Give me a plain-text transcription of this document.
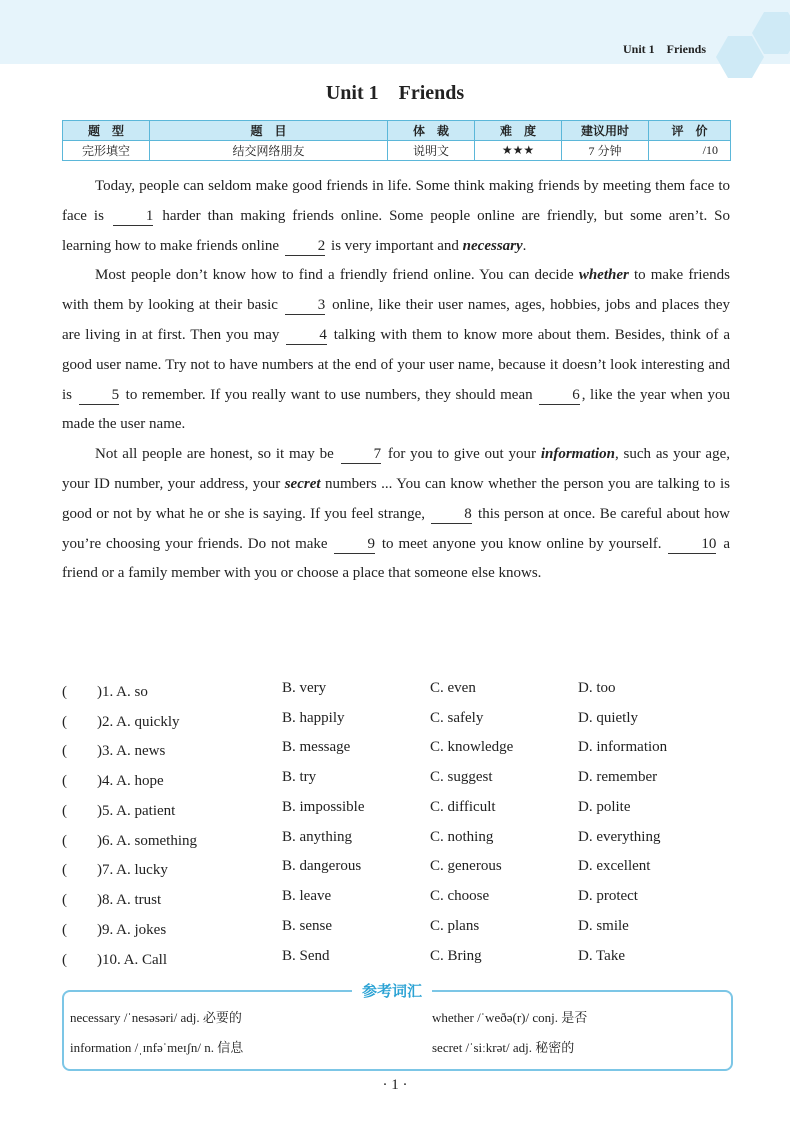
Unit 1    Friends
Unit 1    Friends
题　型	题　目	体　裁	难　度	建议用时	评　价
完形填空	结交网络朋友	说明文	★★★	7 分钟	/10

Today, people can seldom make good friends in life. Some think making friends by meeting them face to face is 1 harder than making friends online. Some people online are friendly, but some aren’t. So learning how to make friends online 2 is very important and necessary.

Most people don’t know how to find a friendly friend online. You can decide whether to make friends with them by looking at their basic 3 online, like their user names, ages, hobbies, jobs and places they are living in at first. Then you may 4 talking with them to know more about them. Besides, think of a good user name. Try not to have numbers at the end of your user name, because it doesn’t look interesting and is 5 to remember. If you really want to use numbers, they should mean 6 , like the year when you made the user name.

Not all people are honest, so it may be 7 for you to give out your information, such as your age, your ID number, your address, your secret numbers ... You can know whether the person you are talking to is good or not by what he or she is saying. If you feel strange, 8 this person at once. Be careful about how you’re choosing your friends. Do not make 9 to meet anyone you know online by yourself. 10 a friend or a family member with you or choose a place that someone else knows.

(　　)1. A. so	B. very	C. even	D. too
(　　)2. A. quickly	B. happily	C. safely	D. quietly
(　　)3. A. news	B. message	C. knowledge	D. information
(　　)4. A. hope	B. try	C. suggest	D. remember
(　　)5. A. patient	B. impossible	C. difficult	D. polite
(　　)6. A. something	B. anything	C. nothing	D. everything
(　　)7. A. lucky	B. dangerous	C. generous	D. excellent
(　　)8. A. trust	B. leave	C. choose	D. protect
(　　)9. A. jokes	B. sense	C. plans	D. smile
(　　)10. A. Call	B. Send	C. Bring	D. Take
参考词汇
necessary /ˈnesəsəri/ adj. 必要的	whether /ˈweðə(r)/ conj. 是否
information /ˌɪnfəˈmeɪʃn/ n. 信息	secret /ˈsiːkrət/ adj. 秘密的
· 1 ·
